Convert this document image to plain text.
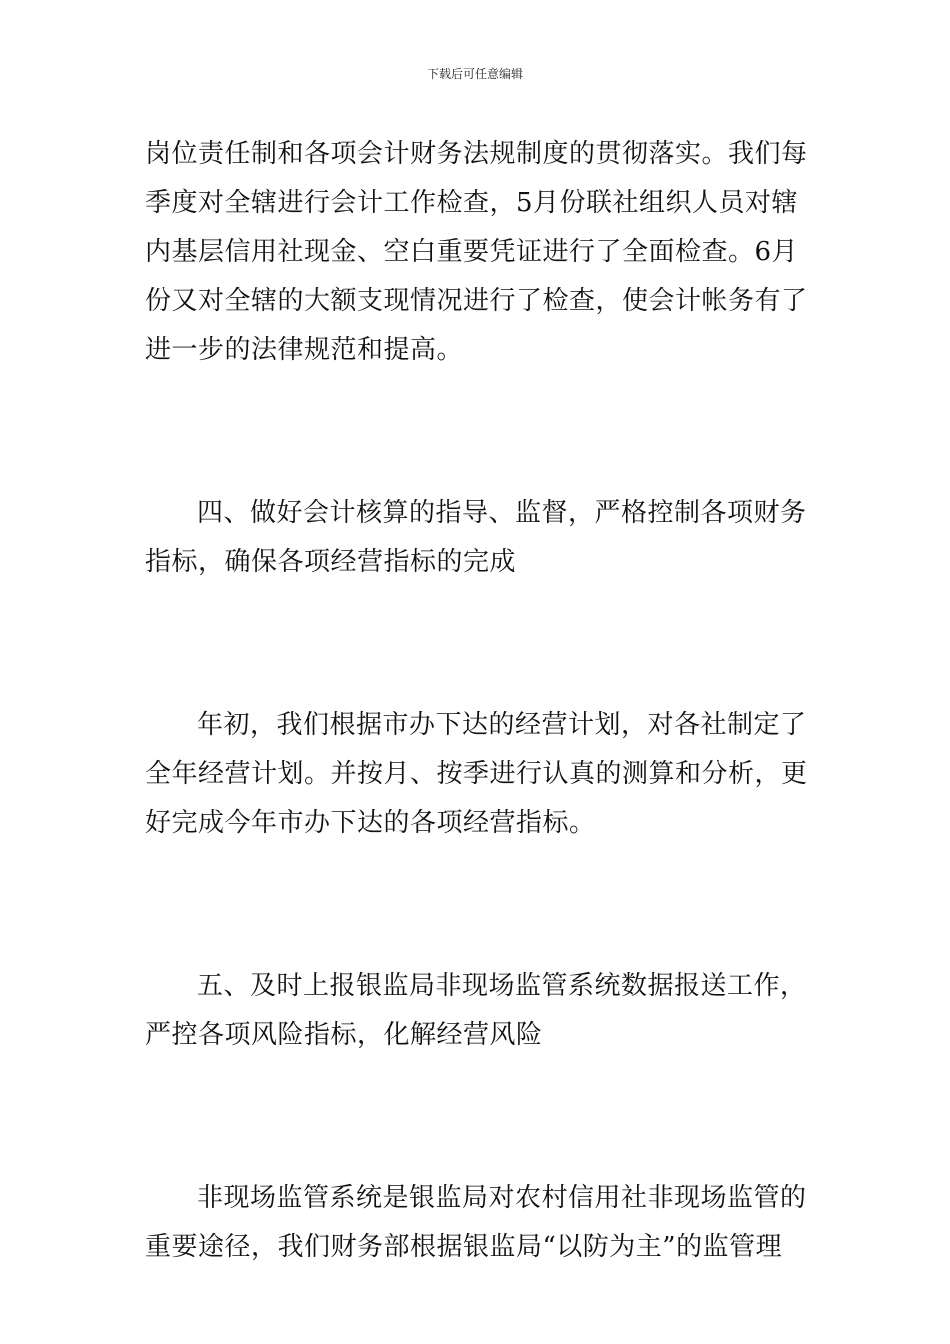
下载后可任意编辑

岗位责任制和各项会计财务法规制度的贯彻落实。我们每季度对全辖进行会计工作检查，5月份联社组织人员对辖内基层信用社现金、空白重要凭证进行了全面检查。6月份又对全辖的大额支现情况进行了检查，使会计帐务有了进一步的法律规范和提高。

四、做好会计核算的指导、监督，严格控制各项财务指标，确保各项经营指标的完成

年初，我们根据市办下达的经营计划，对各社制定了全年经营计划。并按月、按季进行认真的测算和分析，更好完成今年市办下达的各项经营指标。

五、及时上报银监局非现场监管系统数据报送工作，严控各项风险指标，化解经营风险

非现场监管系统是银监局对农村信用社非现场监管的重要途径，我们财务部根据银监局“以防为主”的监管理
